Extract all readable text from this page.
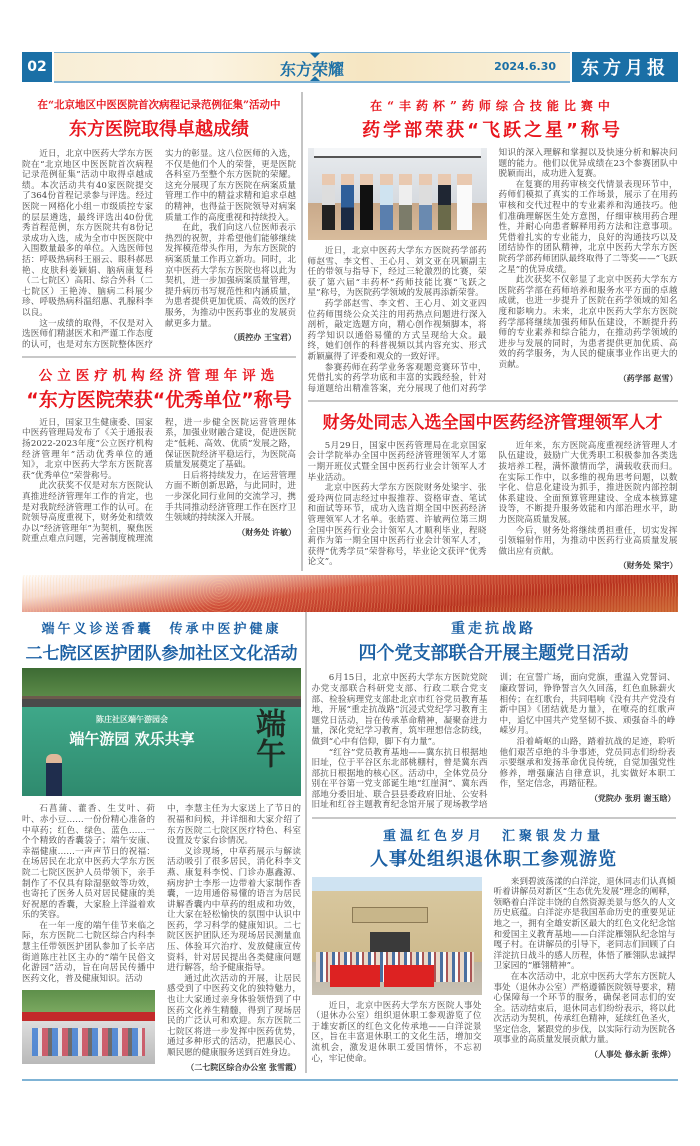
02	东方荣耀	2024.6.30	东方月报
在“北京地区中医医院首次病程记录范例征集”活动中
东方医院取得卓越成绩

近日，北京中医药大学东方医院在“北京地区中医医院首次病程记录范例征集”活动中取得卓越成绩。本次活动共有40家医院提交了364份首程记录参与评选。经过医院－网格化小组－市级质控专家的层层遴选，最终评选出40份优秀首程范例，东方医院共有8份记录成功入选，成为全市中医医院中入围数量最多的单位。入选医师包括：呼吸热病科王丽云、眼科郝思艳、皮肤科姜颖娟、脑病康复科（二七院区）高阳、综合外科（二七院区）王艳涛、脑病二科展少珍、呼吸热病科温绍惠、乳腺科李以良。

这一成绩的取得，不仅是对入选医师们精湛医术和严谨工作态度的认可，也是对东方医院整体医疗实力的彰显。这八位医师的入选，不仅是他们个人的荣誉，更是医院各科室乃至整个东方医院的荣耀。这充分展现了东方医院在病案质量管理工作中的精益求精和追求卓越的精神，也得益于医院领导对病案质量工作的高度重视和持续投入。

在此，我们向这八位医师表示热烈的祝贺，并希望他们能够继续发挥模范带头作用，为东方医院的病案质量工作再立新功。同时，北京中医药大学东方医院也将以此为契机，进一步加强病案质量管理，提升病历书写规范性和内涵质量，为患者提供更加优质、高效的医疗服务，为推动中医药事业的发展贡献更多力量。

（质控办 王宝君）
公立医疗机构经济管理年评选
“东方医院荣获“优秀单位”称号

近日，国家卫生健康委、国家中医药管理局发布了《关于通报表扬2022-2023年度“公立医疗机构经济管理年”活动优秀单位的通知》，北京中医药大学东方医院喜获“优秀单位”荣誉称号。

此次获奖不仅是对东方医院认真推进经济管理年工作的肯定，也是对我院经济管理工作的认可。在院领导高度重视下，财务处和绩效办以“经济管理年”为契机，聚焦医院重点难点问题，完善制度梳理流程，进一步健全医院运营管理体系，加强业财融合建设，促进医院走“低耗、高效、优质”发展之路，保证医院经济平稳运行，为医院高质量发展奠定了基础。

日后将持续发力，在运营管理方面不断创新思路，与此同时，进一步深化同行业间的交流学习，携手共同推动经济管理工作在医疗卫生领域的持续深入开展。

（财务处 许敏）
在“丰药杯”药师综合技能比赛中
药学部荣获“飞跃之星”称号

近日，北京中医药大学东方医院药学部药师赵雪、李文哲、王心月、刘文亚在巩颖副主任的带领与指导下，经过三轮激烈的比赛，荣获了第六届“丰药杯”药师技能比赛“飞跃之星”称号，为医院药学领域的发展再添新荣誉。

药学部赵雪、李文哲、王心月、刘文亚四位药师围绕公众关注的用药热点问题进行深入剖析，敲定选题方向，精心创作视频脚本，将药学知识以通俗易懂的方式呈现给大众。最终，她们创作的科普视频以其内容充实、形式新颖赢得了评委和观众的一致好评。

参赛药师在药学业务客观题竞赛环节中，凭借扎实的药学功底和丰富的实践经验，针对每道题给出精准答案，充分展现了他们对药学知识的深入理解和掌握以及快速分析和解决问题的能力。他们以优异成绩在23个参赛团队中脱颖而出，成功进入复赛。

在复赛的用药审核交代情景表现环节中，药师们模拟了真实的工作场景，展示了在用药审核和交代过程中的专业素养和沟通技巧。他们准确理解医生处方意图，仔细审核用药合理性，并耐心向患者解释用药方法和注意事项。凭借着扎实的专业能力，良好的沟通技巧以及团结协作的团队精神，北京中医药大学东方医院药学部药师团队最终取得了二等奖——“飞跃之星”的优异成绩。

此次获奖不仅彰显了北京中医药大学东方医院药学部在药师培养和服务水平方面的卓越成就，也进一步提升了医院在药学领域的知名度和影响力。未来，北京中医药大学东方医院药学部将继续加强药师队伍建设，不断提升药师的专业素养和综合能力，在推动药学领域的进步与发展的同时，为患者提供更加优质、高效的药学服务，为人民的健康事业作出更大的贡献。

（药学部 赵雪）
财务处同志入选全国中医药经济管理领军人才

5月29日，国家中医药管理局在北京国家会计学院举办全国中医药经济管理领军人才第一期开班仪式暨全国中医药行业会计领军人才毕业活动。

北京中医药大学东方医院财务处梁宇、张爱玲两位同志经过申报推荐、资格审查、笔试和面试等环节，成功入选首期全国中医药经济管理领军人才名单。张皓霓、许敏两位第三期全国中医药行业会计领军人才顺利毕业，程晓莉作为第一期全国中医药行业会计领军人才，获得“优秀学员”荣誉称号，毕业论文获评“优秀论文”。

近年来，东方医院高度重视经济管理人才队伍建设，鼓励广大优秀职工积极参加各类选拔培养工程，满怀激情而学，满载收获而归。在实际工作中，以多维的视角思考问题，以数字化、信息化建设为抓手，推进医院内部控制体系建设、全面预算管理建设、全成本核算建设等，不断提升服务效能和内部治理水平，助力医院高质量发展。

今后，财务处将继续勇担重任，切实发挥引领辐射作用，为推动中医药行业高质量发展做出应有贡献。

（财务处 梁宇）
端午义诊送香囊　传承中医护健康
二七院区医护团队参加社区文化活动
端午
陈庄社区端午游园会
端午游园 欢乐共享

石菖蒲、藿香、生艾叶、荷叶、赤小豆……一份份精心准备的中草药；红色、绿色、蓝色……一个个精致的香囊袋子；端午安康、幸福健康……一声声节日的祝福：在场居民在北京中医药大学东方医院二七院区医护人员带领下，亲手制作了不仅具有除湿驱蚊等功效，也寄托了医务人员对居民健康的美好祝愿的香囊，大家脸上洋溢着欢乐的笑容。

在一年一度的端午佳节来临之际，东方医院二七院区综合内科李慧主任带领医护团队参加了长辛店街道陈庄社区主办的“端午民俗文化游园”活动，旨在向居民传播中医药文化，普及健康知识。活动

中，李慧主任为大家送上了节日的祝福和问候，并详细和大家介绍了东方医院二七院区医疗特色、科室设置及专家台诊情况。

义诊现场，中草药展示与解读活动吸引了很多居民，消化科李文燕、康复科李悦、门诊办惠鑫源、病房护士李彤一边带着大家制作香囊，一边用通俗易懂的语言为居民讲解香囊内中草药的组成和功效，让大家在轻松愉快的氛围中认识中医药，学习科学的健康知识。二七院区医护团队还为现场居民测量血压、体验耳穴治疗、发放健康宣传资料，针对居民提出各类健康问题进行解答，给予健康指导。

通过此次活动的开展，让居民感受到了中医药文化的独特魅力，也让大家通过亲身体验领悟到了中医药文化养生精髓，得到了现场居民的广泛认可和欢迎。东方医院二七院区将进一步发挥中医药优势，通过多种形式的活动，把惠民心、顺民愿的健康服务送到百姓身边。

（二七院区综合办公室 张雪霞）
重走抗战路
四个党支部联合开展主题党日活动

6月15日，北京中医药大学东方医院党院办党支部联合科研党支部、行政二联合党支部、检验病理党支部赴北京市红谷党员教育基地，开展“重走抗战路”沉浸式党纪学习教育主题党日活动，旨在传承革命精神，凝聚奋进力量，深化党纪学习教育，筑牢理想信念防线，做到“心中有信仰，脚下有力量”。

“红谷”党员教育基地——冀东抗日根据地旧址，位于平谷区东北部桃棚村，曾是冀东西部抗日根据地的核心区。活动中，全体党员分别在平谷第一党支部诞生地“红崖洞”、冀东西部地分委旧址、联合县县委政府旧址、公安科旧址和红谷主题教育纪念馆开展了现场教学培训；在宣誓广场，面向党旗，重温入党誓词、廉政誓词，铮铮誓言久久回荡，红色血脉薪火相传；在红歌台，共同唱响《没有共产党没有新中国》《团结就是力量》，在嘹亮的红歌声中，追忆中国共产党坚韧不拔、顽强奋斗的峥嵘岁月。

沿着崎岖的山路，踏着抗战的足迹，聆听他们艰苦卓绝的斗争事迹，党员同志们纷纷表示要继承和发扬革命优良传统，自觉加强党性修养，增强廉洁自律意识，扎实做好本职工作，坚定信念，再踏征程。

（党院办 张玥 谢玉晗）
重温红色岁月　汇聚银发力量
人事处组织退休职工参观游览

近日，北京中医药大学东方医院人事处（退休办公室）组织退休职工参观游览了位于雄安新区的红色文化传承地——白洋淀景区，旨在丰富退休职工的文化生活，增加交流机会，激发退休职工爱国情怀，不忘初心，牢记使命。

来到碧波荡漾的白洋淀，退休同志们认真倾听着讲解员对新区“生态优先发展”理念的阐释，领略着白洋淀丰饶的自然资源美景与悠久的人文历史底蕴。白洋淀亦是我国革命历史的重要见证地之一，拥有全雄安新区最大的红色文化纪念馆和爱国主义教育基地——白洋淀雁翎队纪念馆与嘎子村。在讲解员的引导下，老同志们回顾了白洋淀抗日战斗的感人历程，体悟了雁翎队忠诚捍卫家园的“雁翎精神”。

在本次活动中，北京中医药大学东方医院人事处（退休办公室）严格遵循医院领导要求，精心保障每一个环节的服务，确保老同志们的安全。活动结束后，退休同志们纷纷表示，将以此次活动为契机，传承红色精神，延续红色圣火，坚定信念，紧跟党的步伐，以实际行动为医院各项事业的高质量发展贡献力量。

（人事处 修永新 张烨）
